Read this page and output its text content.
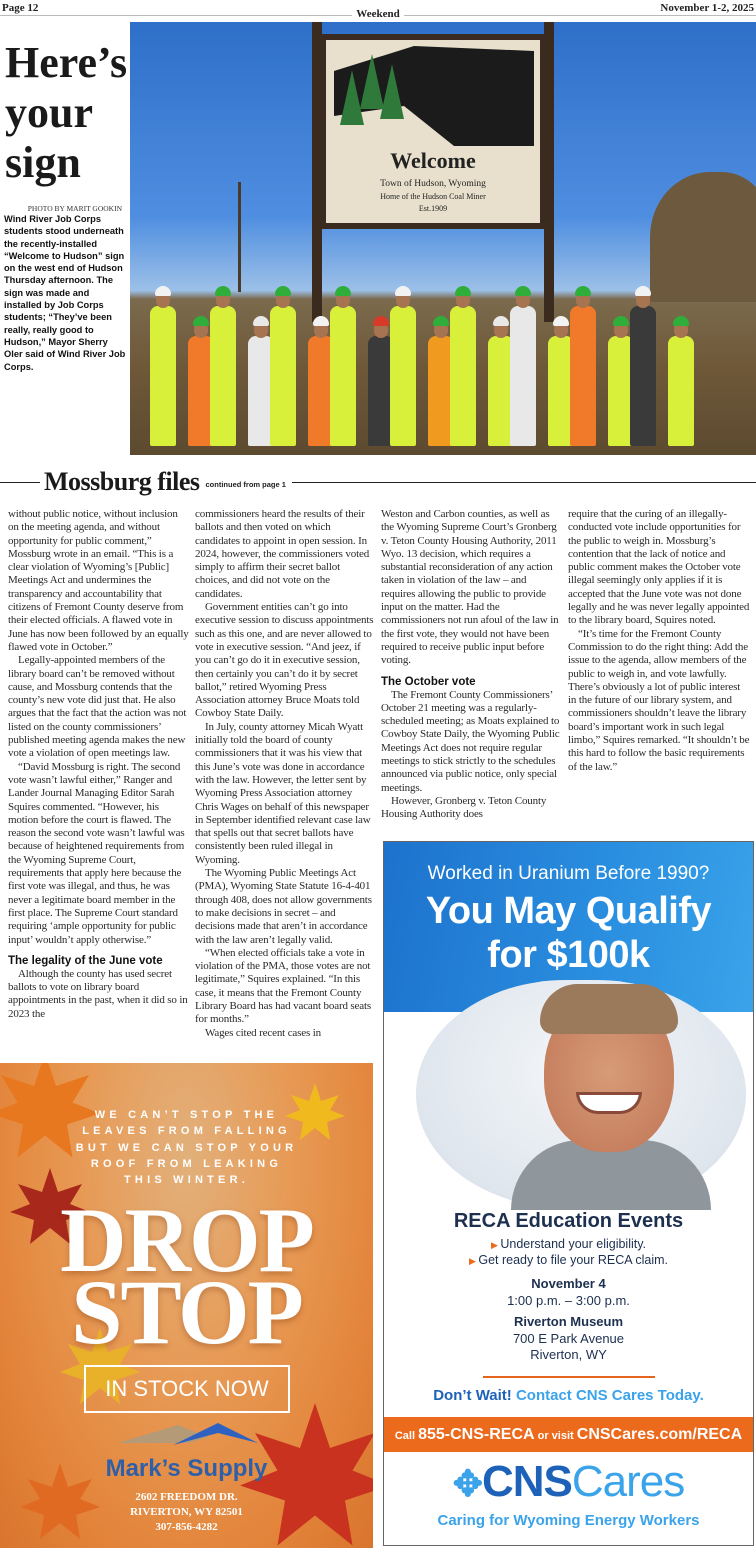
Page 12	Weekend	November 1-2, 2025
Here’s
your
sign
PHOTO BY MARIT GOOKIN
Wind River Job Corps students stood underneath the recently-installed “Welcome to Hudson” sign on the west end of Hudson Thursday afternoon. The sign was made and installed by Job Corps students; “They’ve been really, really good to Hudson,” Mayor Sherry Oler said of Wind River Job Corps.
Welcome
Town of Hudson, Wyoming
Home of the Hudson Coal Miner
Est.1909
Mossburg files continued from page 1

without public notice, without inclusion on the meeting agenda, and without opportunity for public comment,” Mossburg wrote in an email. “This is a clear violation of Wyoming’s [Public] Meetings Act and undermines the transparency and accountability that citizens of Fremont County deserve from their elected officials. A flawed vote in June has now been followed by an equally flawed vote in October.”

Legally-appointed members of the library board can’t be removed without cause, and Mossburg contends that the county’s new vote did just that. He also argues that the fact that the action was not listed on the county commissioners’ published meeting agenda makes the new vote a violation of open meetings law.

“David Mossburg is right. The second vote wasn’t lawful either,” Ranger and Lander Journal Managing Editor Sarah Squires commented. “However, his motion before the court is flawed. The reason the second vote wasn’t lawful was because of heightened requirements from the Wyoming Supreme Court, requirements that apply here because the first vote was illegal, and thus, he was never a legitimate board member in the first place. The Supreme Court standard requiring ‘ample opportunity for public input’ wouldn’t apply otherwise.”

The legality of the June vote

Although the county has used secret ballots to vote on library board appointments in the past, when it did so in 2023 the

commissioners heard the results of their ballots and then voted on which candidates to appoint in open session. In 2024, however, the commissioners voted simply to affirm their secret ballot choices, and did not vote on the candidates.

Government entities can’t go into executive session to discuss appointments such as this one, and are never allowed to vote in executive session. “And jeez, if you can’t go do it in executive session, then certainly you can’t do it by secret ballot,” retired Wyoming Press Association attorney Bruce Moats told Cowboy State Daily.

In July, county attorney Micah Wyatt initially told the board of county commissioners that it was his view that this June’s vote was done in accordance with the law. However, the letter sent by Wyoming Press Association attorney Chris Wages on behalf of this newspaper in September identified relevant case law that spells out that secret ballots have consistently been ruled illegal in Wyoming.

The Wyoming Public Meetings Act (PMA), Wyoming State Statute 16-4-401 through 408, does not allow governments to make decisions in secret – and decisions made that aren’t in accordance with the law aren’t legally valid.

“When elected officials take a vote in violation of the PMA, those votes are not legitimate,” Squires explained. “In this case, it means that the Fremont County Library Board has had vacant board seats for months.”

Wages cited recent cases in

Weston and Carbon counties, as well as the Wyoming Supreme Court’s Gronberg v. Teton County Housing Authority, 2011 Wyo. 13 decision, which requires a substantial reconsideration of any action taken in violation of the law – and requires allowing the public to provide input on the matter. Had the commissioners not run afoul of the law in the first vote, they would not have been required to receive public input before voting.

The October vote

The Fremont County Commissioners’ October 21 meeting was a regularly-scheduled meeting; as Moats explained to Cowboy State Daily, the Wyoming Public Meetings Act does not require regular meetings to stick strictly to the schedules announced via public notice, only special meetings.

However, Gronberg v. Teton County Housing Authority does

require that the curing of an illegally-conducted vote include opportunities for the public to weigh in. Mossburg’s contention that the lack of notice and public comment makes the October vote illegal seemingly only applies if it is accepted that the June vote was not done legally and he was never legally appointed to the library board, Squires noted.

“It’s time for the Fremont County Commission to do the right thing: Add the issue to the agenda, allow members of the public to weigh in, and vote lawfully. There’s obviously a lot of public interest in the future of our library system, and commissioners shouldn’t leave the library board’s important work in such legal limbo,” Squires remarked. “It shouldn’t be this hard to follow the basic requirements of the law.”

WE CAN’T STOP THE
LEAVES FROM FALLING
BUT WE CAN STOP YOUR
ROOF FROM LEAKING
THIS WINTER.
DROP
STOP
IN STOCK NOW
Mark’s Supply
2602 FREEDOM DR.
RIVERTON, WY 82501
307-856-4282
Worked in Uranium Before 1990?
You May Qualify
for $100k
RECA Education Events
▶ Understand your eligibility.
▶ Get ready to file your RECA claim.
November 4
1:00 p.m. – 3:00 p.m.
Riverton Museum
700 E Park Avenue
Riverton, WY
Don’t Wait! Contact CNS Cares Today.
Call 855-CNS-RECA or visit CNSCares.com/RECA
✥CNSCares
Caring for Wyoming Energy Workers
